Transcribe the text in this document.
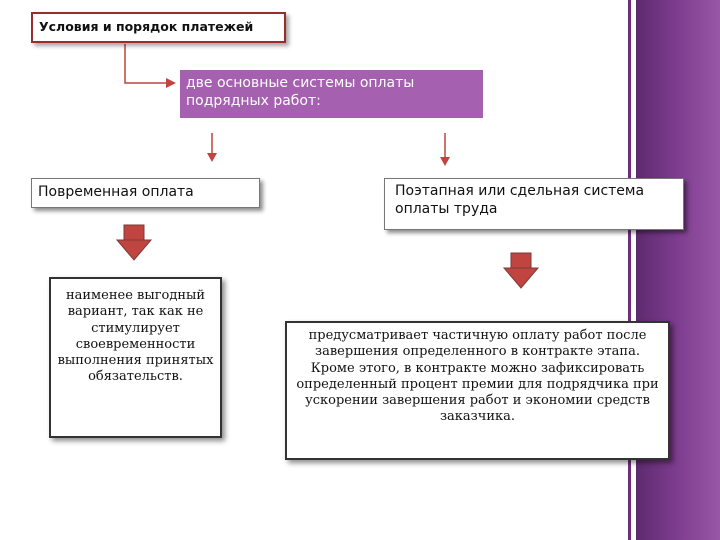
Условия и порядок платежей
две основные системы оплаты подрядных работ:
Повременная оплата	Поэтапная или сдельная система оплаты труда
наименее выгодный вариант, так как не стимулирует своевременности выполнения принятых обязательств.
предусматривает частичную оплату работ после завершения определенного в контракте этапа. Кроме этого, в контракте можно зафиксировать определенный процент премии для подрядчика при ускорении завершения работ и экономии средств заказчика.
